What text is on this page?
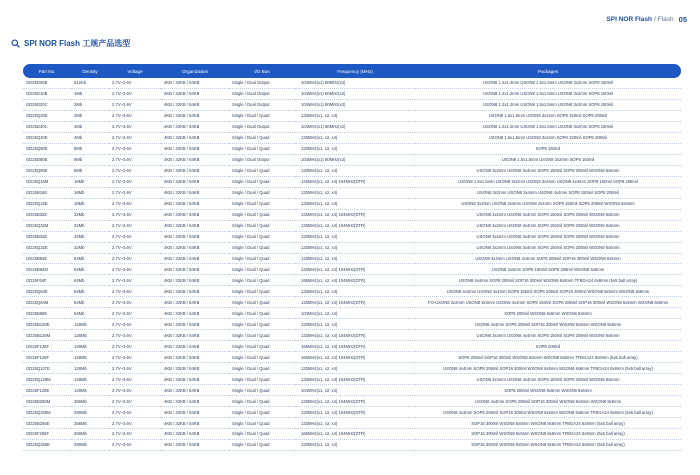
SPI NOR Flash / Flash 05
SPI NOR Flash 工规产品选型
Part No.	Density	Voltage	Organization	I/O Bus	Frequency (MHz)	Packages
GD25D05B	512Kb	2.7V~3.6V	4KB / 32KB / 64KB	Single / Dual Output	104MHz(x1) 80MHz(x2)	USON8 1.2x1.2mm USON8 1.5x1.5mm USON8 3x2mm SOP8 150mil
GD25D10B	1Mb	2.7V~3.6V	4KB / 32KB / 64KB	Single / Dual Output	104MHz(x1) 80MHz(x2)	USON8 1.2x1.2mm USON8 1.5x1.5mm USON8 3x2mm SOP8 150mil
GD25D20C	2Mb	2.7V~3.6V	4KB / 32KB / 64KB	Single / Dual Output	104MHz(x1) 80MHz(x2)	USON8 1.2x1.2mm USON8 1.5x1.5mm USON8 3x2mm SOP8 150mil
GD25Q20E	2Mb	2.7V~3.6V	4KB / 32KB / 64KB	Single / Dual / Quad	133MHz(x1, x2, x4)	USON8 1.5x1.5mm USON8 3x2mm SOP8 150mil SOP8 208mil
GD25D40C	4Mb	2.7V~3.6V	4KB / 32KB / 64KB	Single / Dual Output	104MHz(x1) 80MHz(x2)	USON8 1.2x1.2mm USON8 1.5x1.5mm USON8 3x2mm SOP8 150mil
GD25Q40E	4Mb	2.7V~3.6V	4KB / 32KB / 64KB	Single / Dual / Quad	133MHz(x1, x2, x4)	USON8 1.5x1.5mm USON8 3x2mm SOP8 150mil SOP8 208mil
GD25Q80E	8Mb	2.7V~3.6V	4KB / 32KB / 64KB	Single / Dual / Quad	133MHz(x1, x2, x4)	SOP8 150mil
GD25D80E	8Mb	2.7V~3.6V	4KB / 32KB / 64KB	Single / Dual Output	104MHz(x1) 80MHz(x2)	USON8 1.5x1.5mm USON8 3x2mm SOP8 150mil
GD25Q80E	8Mb	2.7V~3.6V	4KB / 32KB / 64KB	Single / Dual / Quad	133MHz(x1, x2, x4)	USON8 3x2mm USON8 3x4mm SOP8 150mil SOP8 208mil WSON8 6x5mm
GD25Q16M	16Mb	2.7V~3.6V	4KB / 32KB / 64KB	Single / Dual / Quad	133MHz(x1, x2, x4) 104MHz(DTR)	USON8 1.5x1.5mm USON8 3x2mm USON8 3x4mm USON8 4x4mm SOP8 150mil SOP8 208mil
GD25B16E	16Mb	2.7V~3.6V	4KB / 32KB / 64KB	Single / Dual / Quad	133MHz(x1, x2, x4)	USON8 3x2mm USON8 3x4mm USON8 4x4mm SOP8 150mil SOP8 208mil
GD25Q16E	16Mb	2.7V~3.6V	4KB / 32KB / 64KB	Single / Dual / Quad	133MHz(x1, x2, x4)	USON8 3x2mm USON8 3x4mm USON8 4x4mm SOP8 150mil SOP8 208mil WSON8 6x5mm
GD25B32E	32Mb	2.7V~3.6V	4KB / 32KB / 64KB	Single / Dual / Quad	133MHz(x1, x2, x4) 104MHz(DTR)	USON8 3x2mm USON8 3x4mm SOP8 150mil SOP8 208mil WSON8 6x5mm
GD25Q32M	32Mb	2.7V~3.6V	4KB / 32KB / 64KB	Single / Dual / Quad	133MHz(x1, x2, x4) 104MHz(DTR)	USON8 3x2mm USON8 3x4mm SOP8 150mil SOP8 208mil WSON8 6x5mm
GD25B32E	32Mb	2.7V~3.6V	4KB / 32KB / 64KB	Single / Dual / Quad	133MHz(x1, x2, x4)	USON8 3x2mm USON8 3x4mm SOP8 150mil SOP8 208mil WSON8 6x5mm
GD25Q32E	32Mb	2.7V~3.6V	4KB / 32KB / 64KB	Single / Dual / Quad	133MHz(x1, x2, x4)	USON8 3x2mm USON8 3x4mm SOP8 150mil SOP8 208mil WSON8 6x5mm
GD25B64E	64Mb	2.7V~3.6V	4KB / 32KB / 64KB	Single / Dual / Quad	133MHz(x1, x2, x4)	USON8 3x4mm USON8 4x4mm SOP8 208mil SOP16 300mil WSON8 6x5mm
GD25B64M	64Mb	2.7V~3.6V	4KB / 32KB / 64KB	Single / Dual / Quad	133MHz(x1, x2, x4) 104MHz(DTR)	USON8 3x4mm SOP8 150mil SOP8 208mil WSON8 6x5mm
GD25F64F	64Mb	2.7V~3.6V	4KB / 32KB / 64KB	Single / Dual / Quad	166MHz(x1, x2, x4) 104MHz(DTR)	USON8 4x4mm SOP8 208mil SOP16 300mil WSON8 6x5mm TFBGA24 6x8mm (5x5 ball array)
GD25Q64E	64Mb	2.7V~3.6V	4KB / 32KB / 64KB	Single / Dual / Quad	133MHz(x1, x2, x4)	USON8 4x3mm USON8 4x4mm SOP8 150mil SOP8 208mil SOP16 300mil WSON8 6x5mm WSON8 8x6mm
GD25Q64M	64Mb	2.7V~3.6V	4KB / 32KB / 64KB	Single / Dual / Quad	133MHz(x1, x2, x4) 104MHz(DTR)	FO-USON8 3x2mm USON8 3x4mm USON8 4x4mm SOP8 150mil SOP8 208mil SOP16 300mil WSON8 6x5mm WSON8 8x6mm
GD25B69E	64Mb	2.7V~3.6V	4KB / 32KB / 64KB	Single / Dual / Quad	104MHz(x1, x2, x4)	SOP8 208mil WSON8 6x5mm WSON8 8x6mm
GD25B128E	128Mb	2.7V~3.6V	4KB / 32KB / 64KB	Single / Dual / Quad	133MHz(x1, x2, x4)	USON8 4x4mm SOP8 208mil SOP16 300mil WSON8 6x5mm WSON8 8x6mm
GD25B128M	128Mb	2.7V~3.6V	4KB / 32KB / 64KB	Single / Dual / Quad	133MHz(x1, x2, x4) 104MHz(DTR)	USON8 3x4mm USON8 4x4mm SOP8 150mil SOP8 208mil WSON8 6x5mm
GD25F128F	128Mb	2.7V~3.6V	4KB / 32KB / 64KB	Single / Dual / Quad	166MHz(x1, x2, x4) 104MHz(DTR)	SOP8 208mil
GD25F128F	128Mb	2.7V~3.6V	4KB / 32KB / 64KB	Single / Dual / Quad	166MHz(x1, x2, x4) 104MHz(DTR)	SOP8 208mil SOP16 300mil WSON8 6x5mm WSON8 8x6mm TFBGA24 6x8mm (5x5 ball array)
GD25Q127E	128Mb	2.7V~3.6V	4KB / 32KB / 64KB	Single / Dual / Quad	133MHz(x1, x2, x4)	USON8 4x4mm SOP8 208mil SOP16 300mil WSON8 6x5mm WSON8 8x6mm TFBGA24 6x8mm (5x5 ball array)
GD25Q128M	128Mb	2.7V~3.6V	4KB / 32KB / 64KB	Single / Dual / Quad	133MHz(x1, x2, x4) 104MHz(DTR)	USON8 3x4mm USON8 4x4mm SOP8 150mil SOP8 208mil WSON8 6x5mm
GD25F128E	128Mb	2.7V~3.6V	4KB / 32KB / 64KB	Single / Dual / Quad	104MHz(x1, x2, x4)	SOP8 208mil WSON8 6x5mm WSON8 8x6mm
GD25B256M	256Mb	2.7V~3.6V	4KB / 32KB / 64KB	Single / Dual / Quad	133MHz(x1, x2, x4) 104MHz(DTR)	USON8 4x4mm SOP8 208mil SOP16 300mil WSON8 6x5mm WSON8 8x6mm
GD25Q256M	256Mb	2.7V~3.6V	4KB / 32KB / 64KB	Single / Dual / Quad	133MHz(x1, x2, x4) 104MHz(DTR)	USON8 4x3mm SOP8 208mil SOP16 300mil WSON8 6x5mm WSON8 8x6mm TFBGA24 6x8mm (5x5 ball array)
GD25B256E	256Mb	2.7V~3.6V	4KB / 32KB / 64KB	Single / Dual / Quad	133MHz(x1, x2, x4)	SOP16 300mil WSON8 6x5mm WSON8 8x6mm TFBGA24 6x8mm (5x5 ball array)
GD25F256F	256Mb	2.7V~3.6V	4KB / 32KB / 64KB	Single / Dual / Quad	166MHz(x1, x2, x4) 104MHz(DTR)	SOP16 300mil WSON8 6x5mm WSON8 8x6mm TFBGA24 6x8mm (5x5 ball array)
GD25Q256E	256Mb	2.7V~3.6V	4KB / 32KB / 64KB	Single / Dual / Quad	133MHz(x1, x2, x4)	SOP16 300mil WSON8 6x5mm WSON8 8x6mm TFBGA24 6x8mm (5x5 ball array)
